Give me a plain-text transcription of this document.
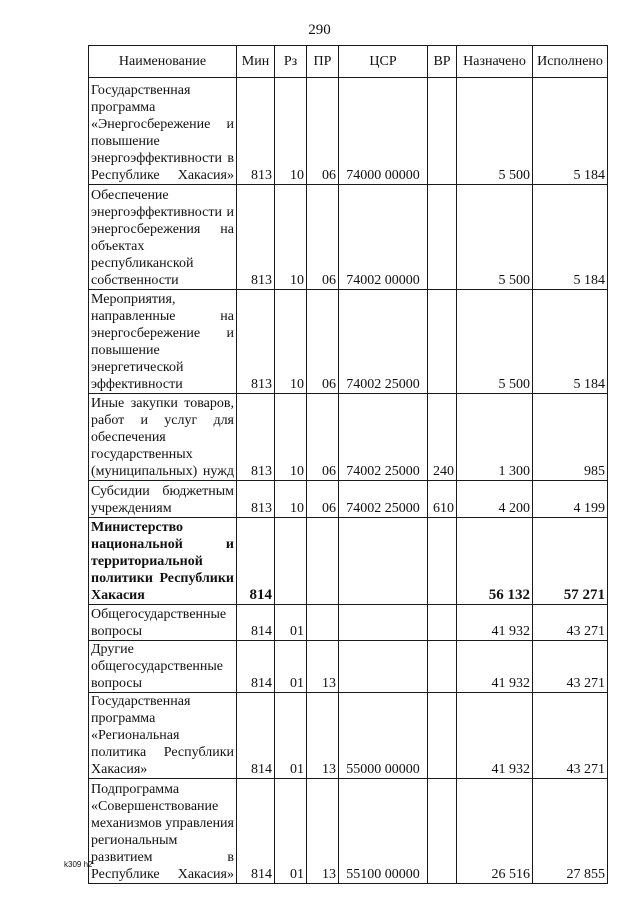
290
Наименование	Мин	Рз	ПР	ЦСР	ВР	Назначено	Исполнено
Государственная программа «Энергосбережение и повышение энергоэффективности в Республике Хакасия»	813	10	06	74000 00000		5 500	5 184
Обеспечение энергоэффективности и энергосбережения на объектах республиканской собственности	813	10	06	74002 00000		5 500	5 184
Мероприятия, направленные на энергосбережение и повышение энергетической эффективности	813	10	06	74002 25000		5 500	5 184
Иные закупки товаров, работ и услуг для обеспечения государственных (муниципальных) нужд	813	10	06	74002 25000	240	1 300	985
Субсидии бюджетным учреждениям	813	10	06	74002 25000	610	4 200	4 199
Министерство национальной и территориальной политики Республики Хакасия	814					56 132	57 271
Общегосударственные вопросы	814	01				41 932	43 271
Другие общегосударственные вопросы	814	01	13			41 932	43 271
Государственная программа «Региональная политика Республики Хакасия»	814	01	13	55000 00000		41 932	43 271
Подпрограмма «Совершенствование механизмов управления региональным развитием в Республике Хакасия»	814	01	13	55100 00000		26 516	27 855
k309 h2
